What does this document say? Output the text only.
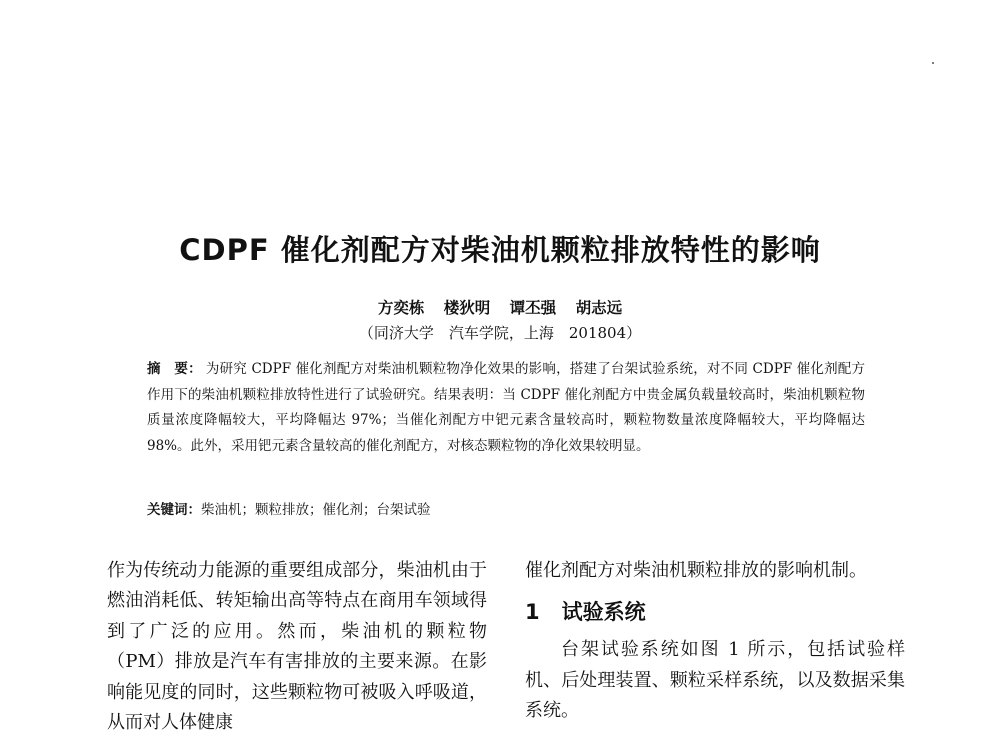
CDPF 催化剂配方对柴油机颗粒排放特性的影响
方奕栋 楼狄明 谭丕强 胡志远
（同济大学　汽车学院，上海　201804）
摘　要： 为研究 CDPF 催化剂配方对柴油机颗粒物净化效果的影响，搭建了台架试验系统，对不同 CDPF 催化剂配方作用下的柴油机颗粒排放特性进行了试验研究。结果表明：当 CDPF 催化剂配方中贵金属负载量较高时，柴油机颗粒物质量浓度降幅较大，平均降幅达 97%；当催化剂配方中钯元素含量较高时，颗粒物数量浓度降幅较大，平均降幅达 98%。此外，采用钯元素含量较高的催化剂配方，对核态颗粒物的净化效果较明显。
关键词：柴油机；颗粒排放；催化剂；台架试验

作为传统动力能源的重要组成部分，柴油机由于燃油消耗低、转矩输出高等特点在商用车领域得到了广泛的应用。然而，柴油机的颗粒物（PM）排放是汽车有害排放的主要来源。在影响能见度的同时，这些颗粒物可被吸入呼吸道，从而对人体健康

催化剂配方对柴油机颗粒排放的影响机制。

1 试验系统

台架试验系统如图 1 所示，包括试验样机、后处理装置、颗粒采样系统，以及数据采集系统。
